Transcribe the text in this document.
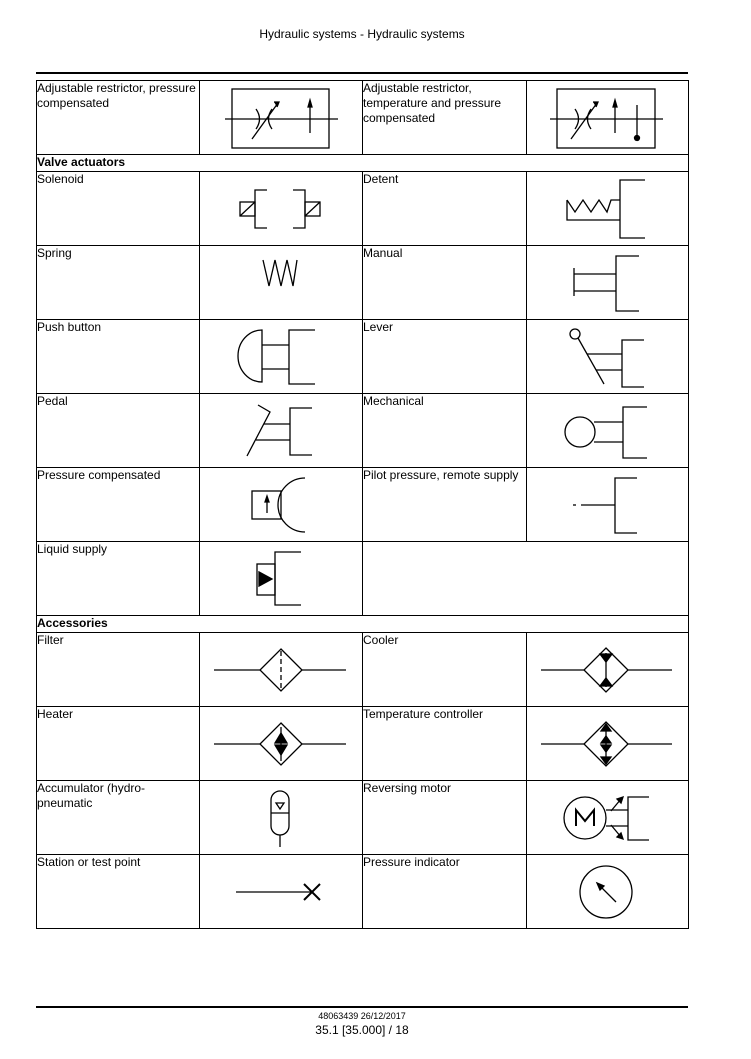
Hydraulic systems - Hydraulic systems
Adjustable restrictor, pressure compensated		Adjustable restrictor, temperature and pressure compensated	

Valve actuators			
Solenoid		Detent	

Spring		Manual	

Push button		Lever	

Pedal		Mechanical	

Pressure compensated		Pilot pressure, remote supply	

Liquid supply	

Accessories			
Filter		Cooler	

Heater		Temperature controller	

Accumulator (hydro-pneumatic		Reversing motor	

Station or test point		Pressure indicator	
48063439 26/12/2017
35.1 [35.000] / 18
